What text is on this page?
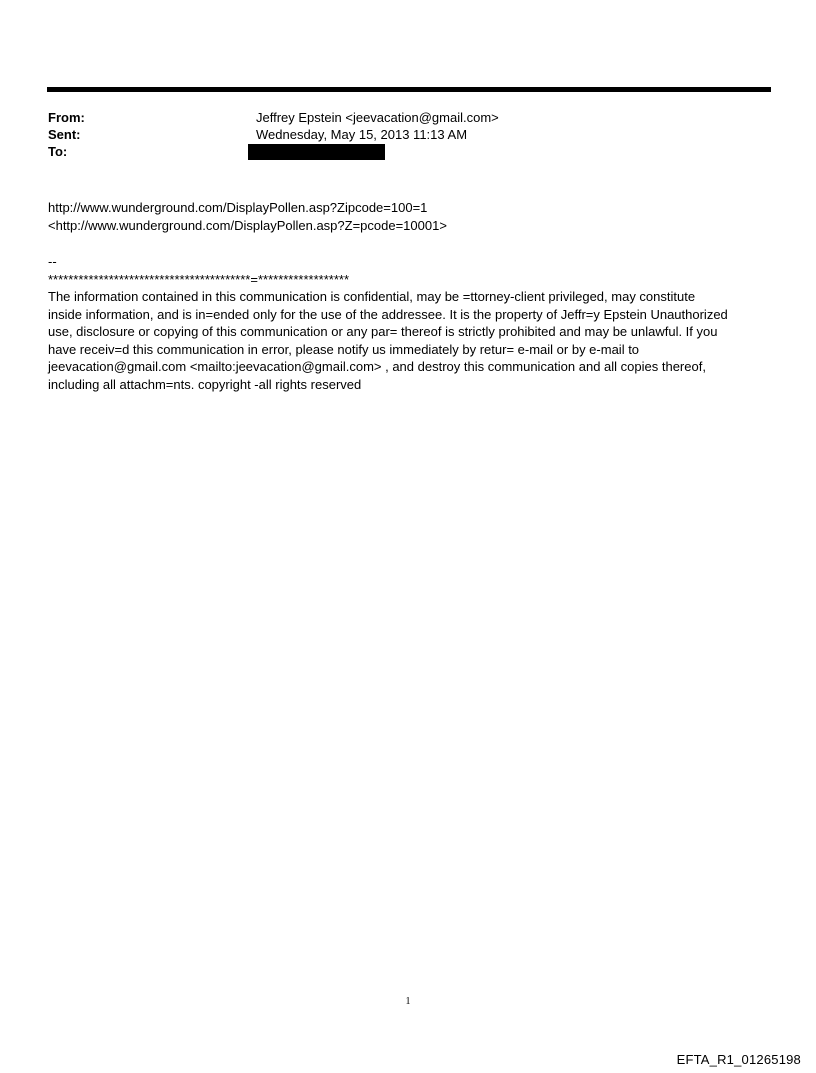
From:	Jeffrey Epstein <jeevacation@gmail.com>
Sent:	Wednesday, May 15, 2013 11:13 AM
To:
http://www.wunderground.com/DisplayPollen.asp?Zipcode=100=1
<http://www.wunderground.com/DisplayPollen.asp?Z=pcode=10001>
--
****************************************=******************
The information contained in this communication is confidential, may be =ttorney-client privileged, may constitute
inside information, and is in=ended only for the use of the addressee. It is the property of Jeffr=y Epstein Unauthorized
use, disclosure or copying of this communication or any par= thereof is strictly prohibited and may be unlawful. If you
have receiv=d this communication in error, please notify us immediately by retur= e-mail or by e-mail to
jeevacation@gmail.com <mailto:jeevacation@gmail.com> , and destroy this communication and all copies thereof,
including all attachm=nts. copyright -all rights reserved
1
EFTA_R1_01265198
